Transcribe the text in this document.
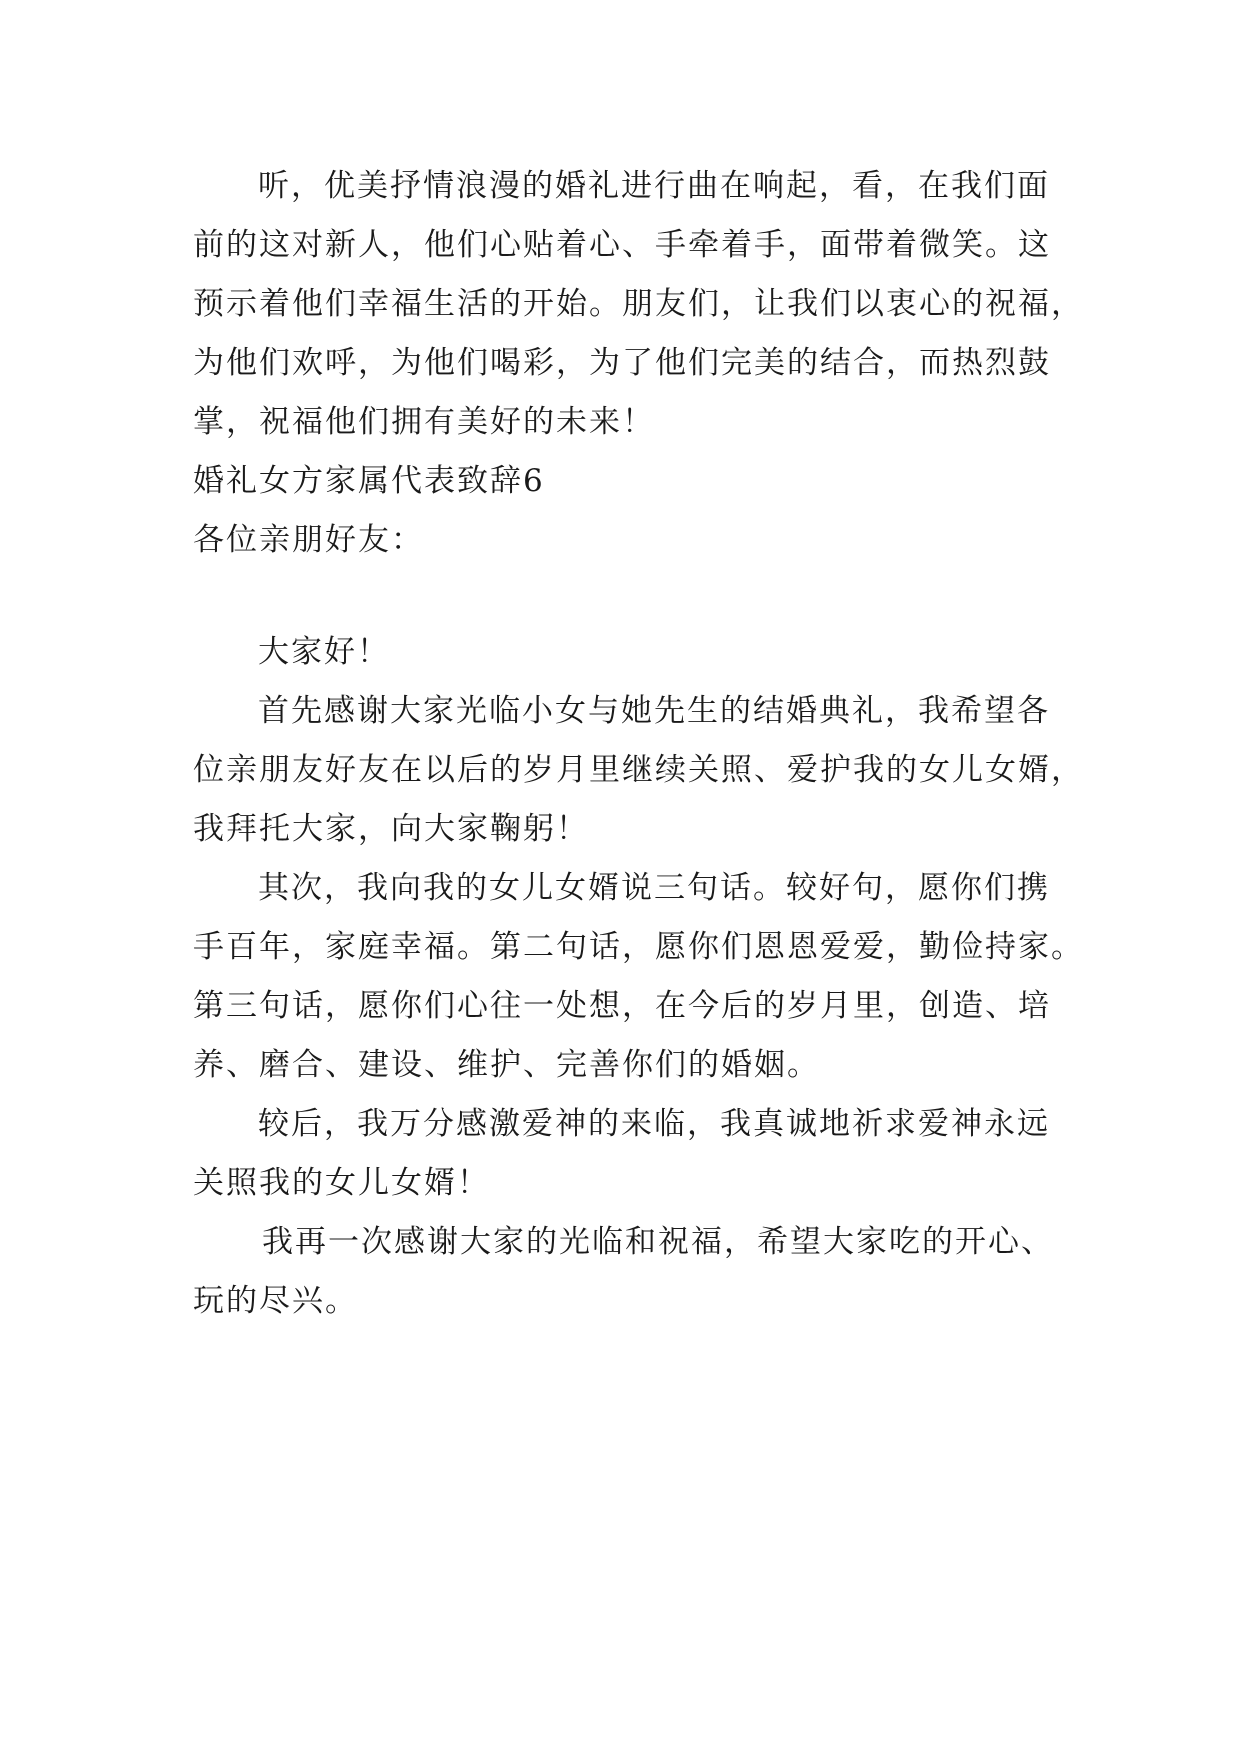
听，优美抒情浪漫的婚礼进行曲在响起，看，在我们面
前的这对新人，他们心贴着心、手牵着手，面带着微笑。这
预示着他们幸福生活的开始。朋友们，让我们以衷心的祝福，
为他们欢呼，为他们喝彩，为了他们完美的结合，而热烈鼓
掌，祝福他们拥有美好的未来！
婚礼女方家属代表致辞6
各位亲朋好友：
大家好！
首先感谢大家光临小女与她先生的结婚典礼，我希望各
位亲朋友好友在以后的岁月里继续关照、爱护我的女儿女婿，
我拜托大家，向大家鞠躬！
其次，我向我的女儿女婿说三句话。较好句，愿你们携
手百年，家庭幸福。第二句话，愿你们恩恩爱爱，勤俭持家。
第三句话，愿你们心往一处想，在今后的岁月里，创造、培
养、磨合、建设、维护、完善你们的婚姻。
较后，我万分感激爱神的来临，我真诚地祈求爱神永远
关照我的女儿女婿！
我再一次感谢大家的光临和祝福，希望大家吃的开心、
玩的尽兴。
